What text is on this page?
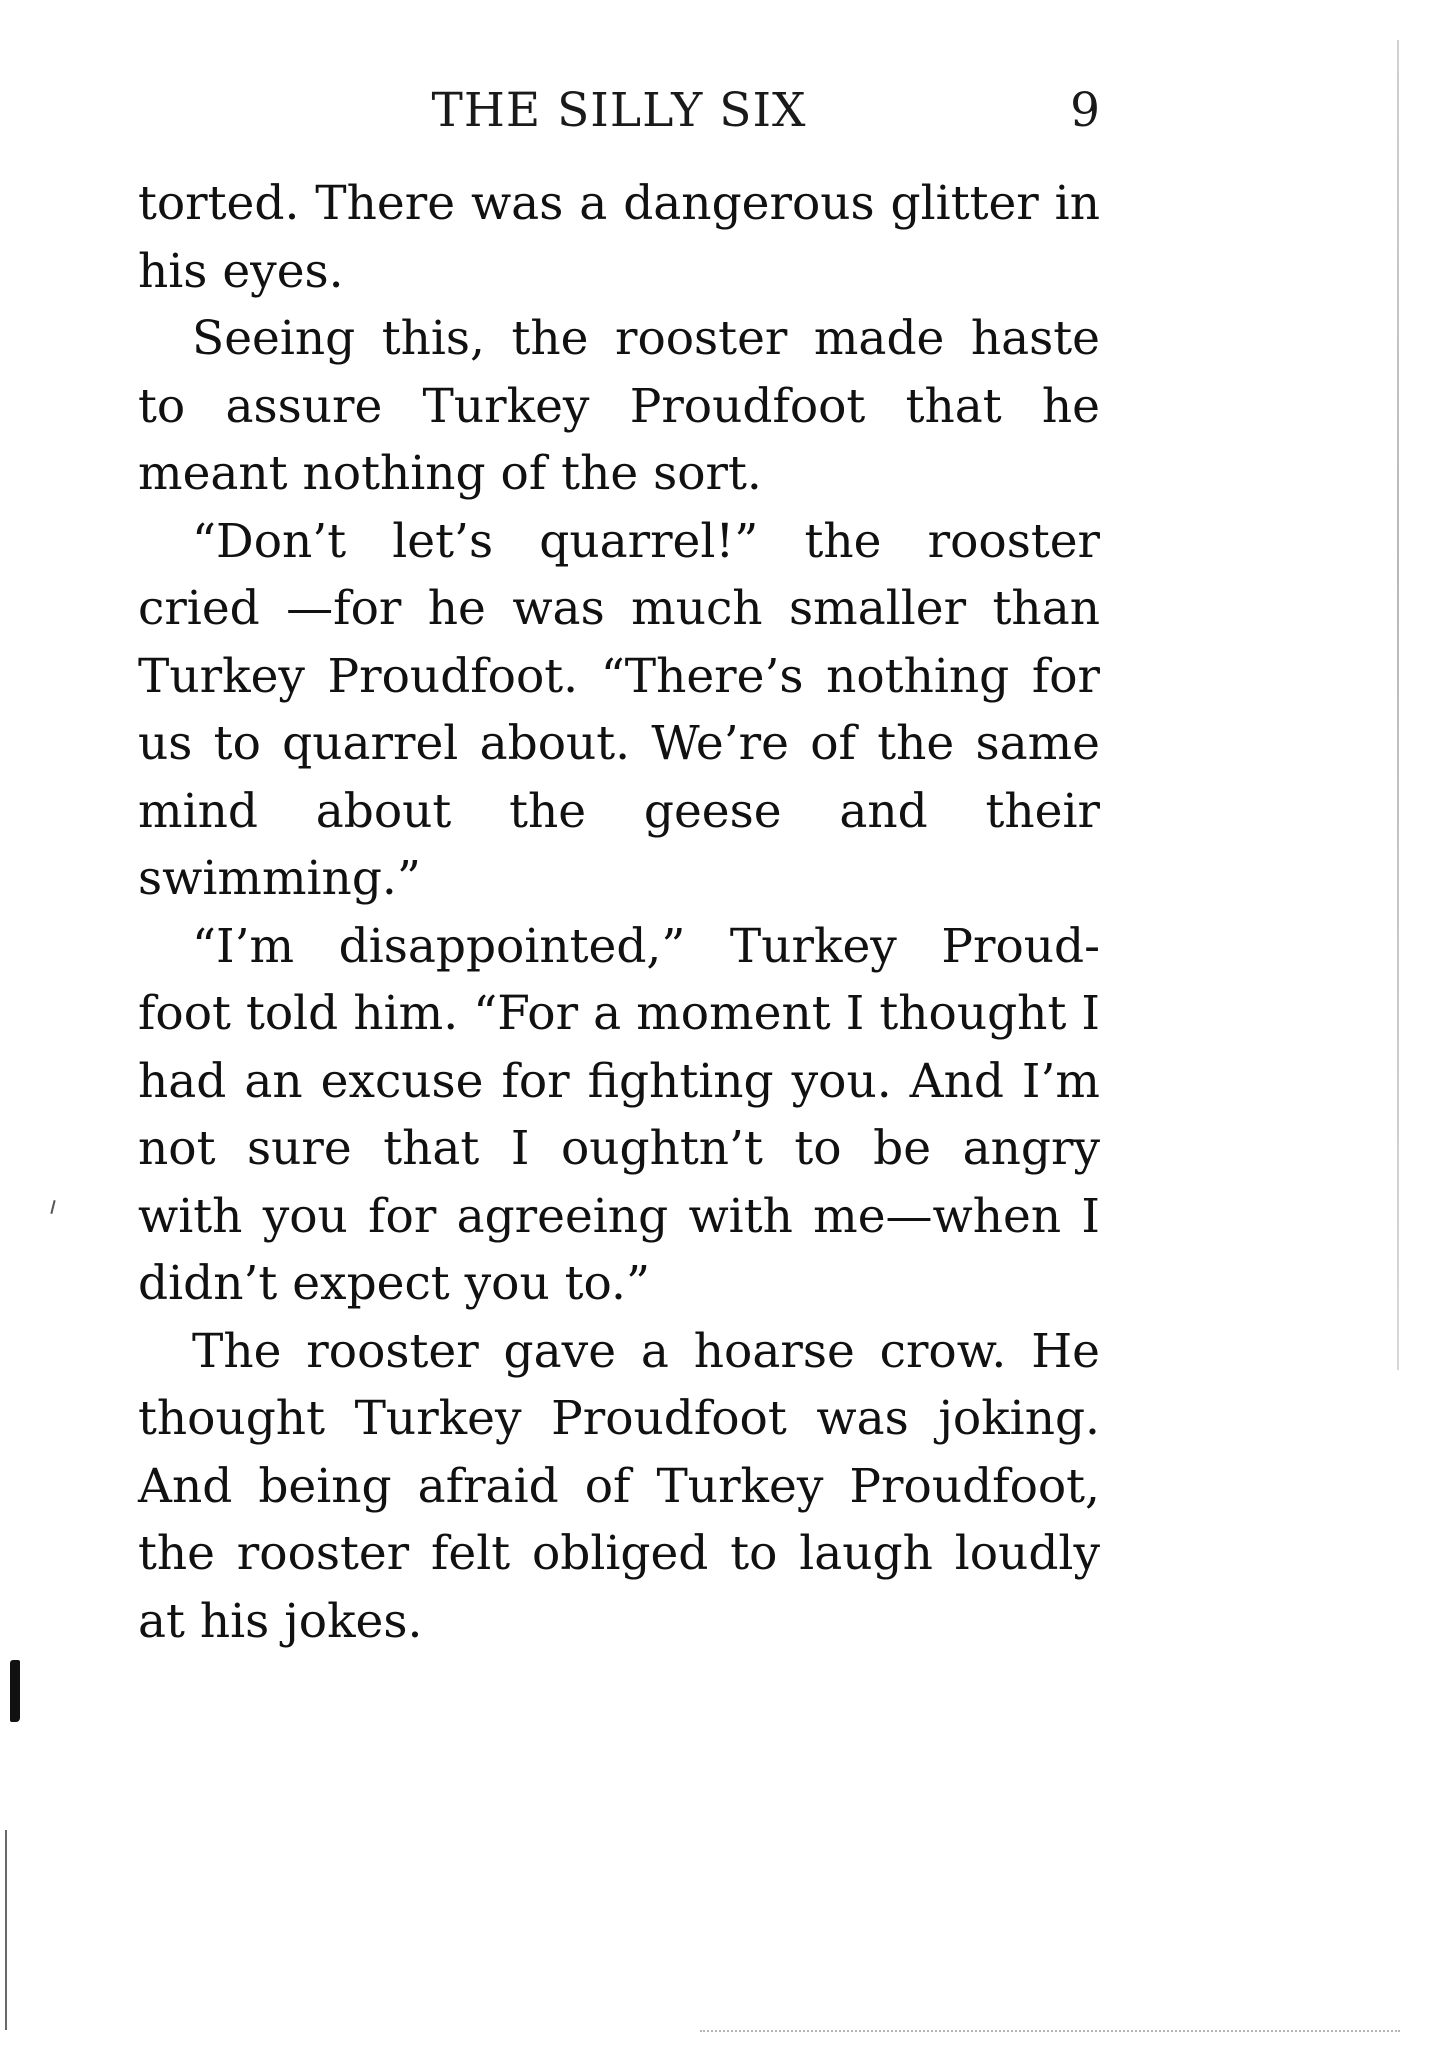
THE SILLY SIX	9

torted. There was a dangerous glitter in his eyes.

Seeing this, the rooster made haste to assure Turkey Proudfoot that he meant nothing of the sort.

“Don’t let’s quarrel!” the rooster cried —for he was much smaller than Turkey Proudfoot. “There’s nothing for us to quarrel about. We’re of the same mind about the geese and their swimming.”

“I’m disappointed,” Turkey Proud-foot told him. “For a moment I thought I had an excuse for fighting you. And I’m not sure that I oughtn’t to be angry with you for agreeing with me—when I didn’t expect you to.”

The rooster gave a hoarse crow. He thought Turkey Proudfoot was joking. And being afraid of Turkey Proudfoot, the rooster felt obliged to laugh loudly at his jokes.
